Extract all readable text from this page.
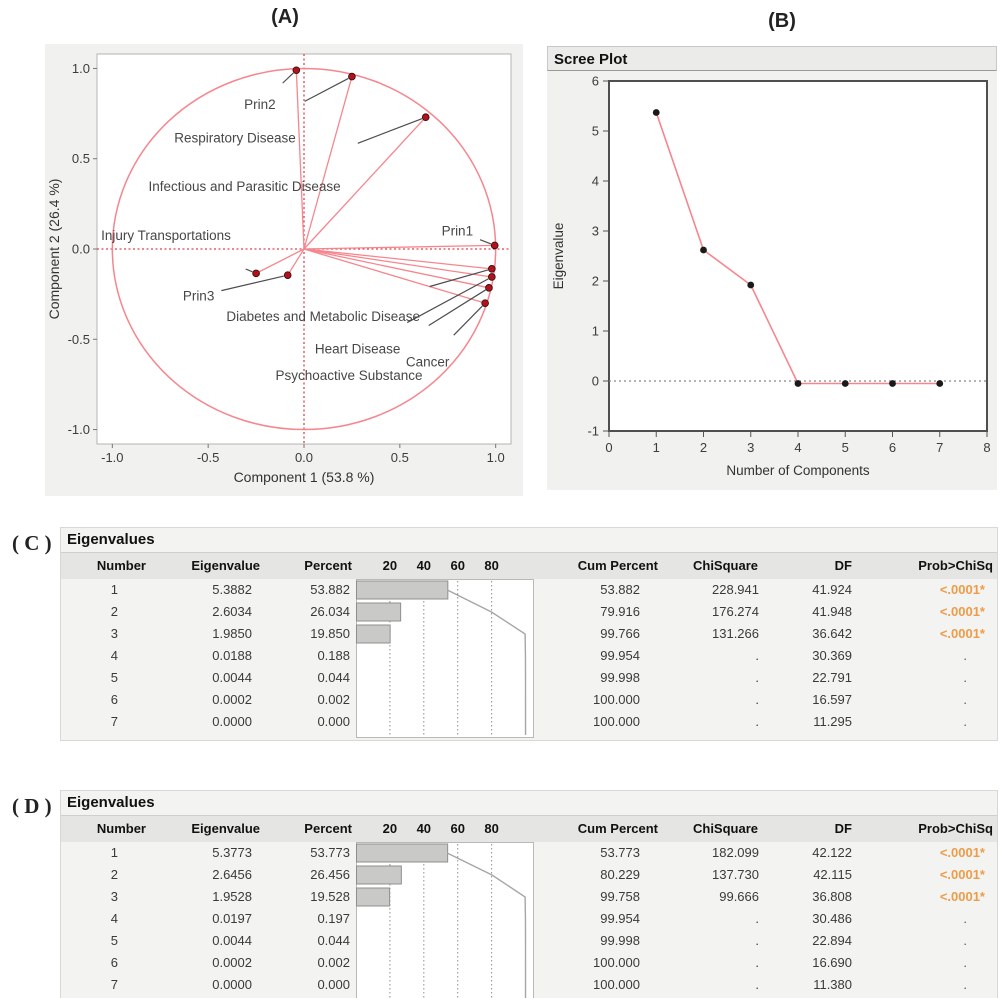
(A)	(B)
Prin2
Respiratory Disease
Infectious and Parasitic Disease
Injury Transportations
Prin3
Prin1
Diabetes and Metabolic Disease
Heart Disease
Psychoactive Substance
Cancer
-1.0	-0.5	0.0	0.5	1.0
1.0
0.5
0.0
-0.5
-1.0
Component 1 (53.8 %)
Component 2 (26.4 %)
Scree Plot
0	1	2	3	4	5	6	7	8
6
5
4
3
2
1
0
-1
Number of Components
Eigenvalue
( C )	Eigenvalues
Number	Eigenvalue	Percent	20 40 60 80	Cum Percent	ChiSquare	DF	Prob>ChiSq
1	5.3882	53.882	53.882	228.941	41.924	<.0001*
2	2.6034	26.034	79.916	176.274	41.948	<.0001*
3	1.9850	19.850	99.766	131.266	36.642	<.0001*
4	0.0188	0.188	99.954	.	30.369	.
5	0.0044	0.044	99.998	.	22.791	.
6	0.0002	0.002	100.000	.	16.597	.
7	0.0000	0.000	100.000	.	11.295	.
( D )	Eigenvalues
Number	Eigenvalue	Percent	20 40 60 80	Cum Percent	ChiSquare	DF	Prob>ChiSq
1	5.3773	53.773	53.773	182.099	42.122	<.0001*
2	2.6456	26.456	80.229	137.730	42.115	<.0001*
3	1.9528	19.528	99.758	99.666	36.808	<.0001*
4	0.0197	0.197	99.954	.	30.486	.
5	0.0044	0.044	99.998	.	22.894	.
6	0.0002	0.002	100.000	.	16.690	.
7	0.0000	0.000	100.000	.	11.380	.
